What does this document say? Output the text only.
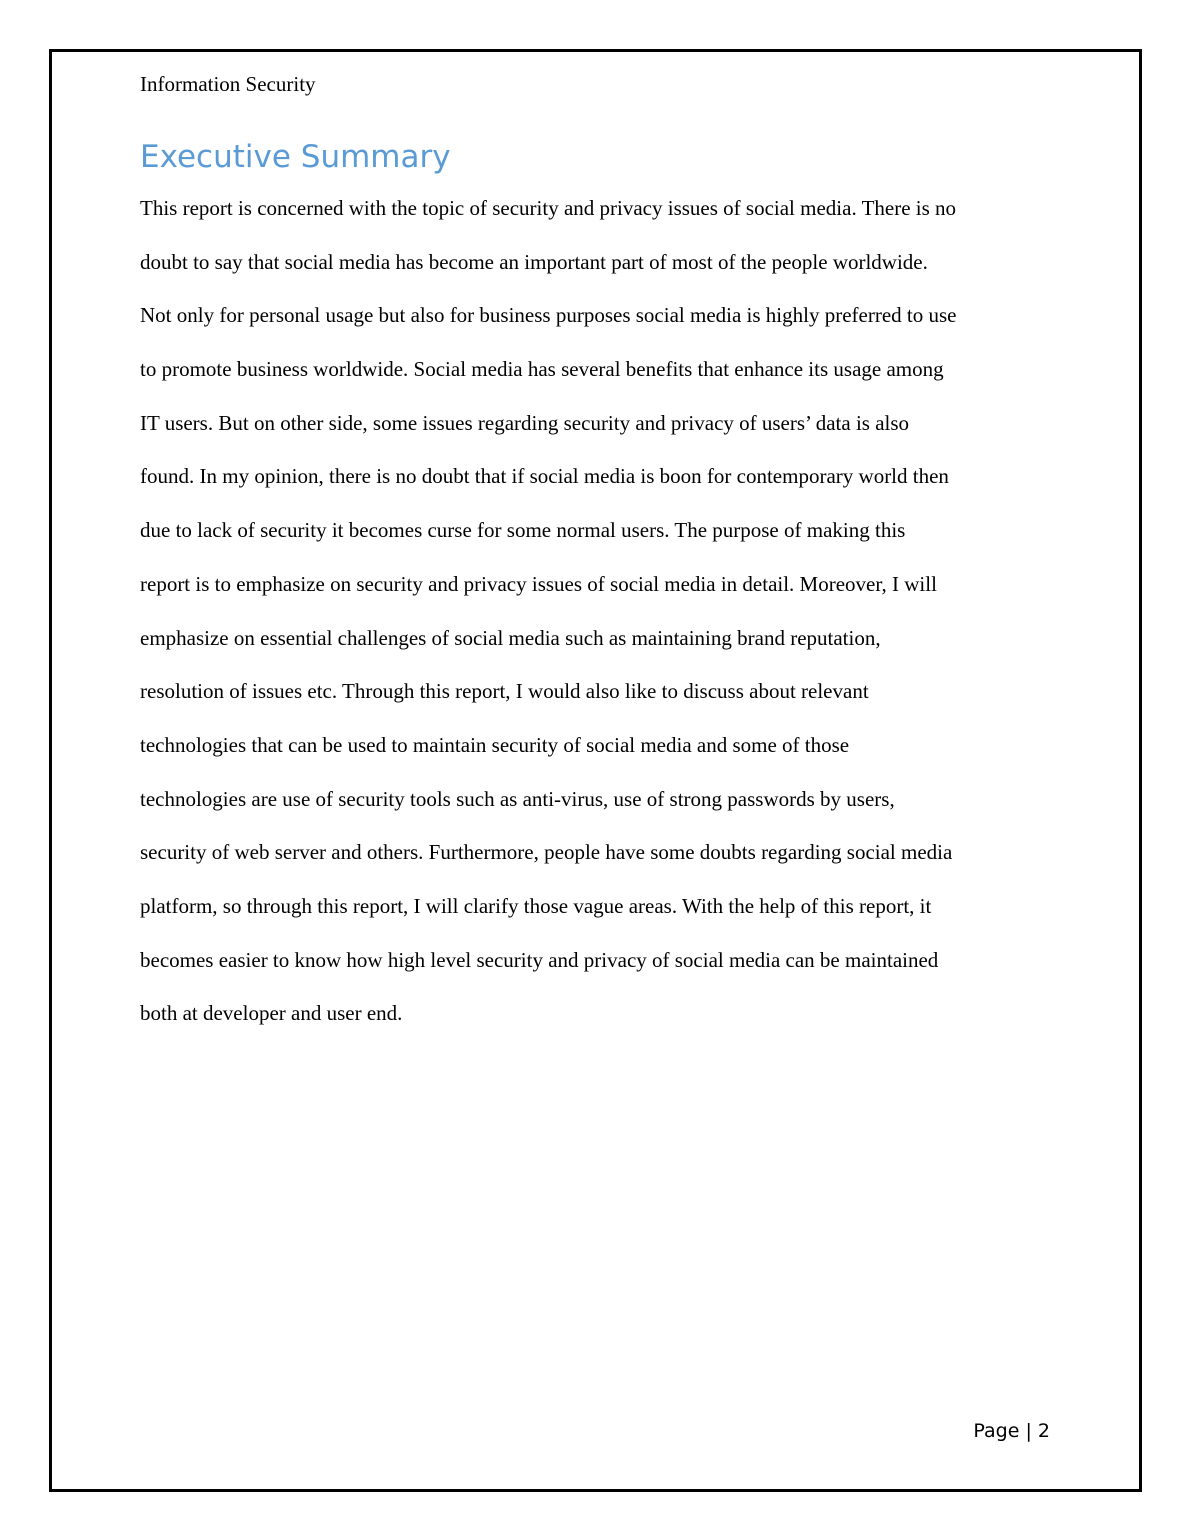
Information Security
Executive Summary
This report is concerned with the topic of security and privacy issues of social media. There is no
doubt to say that social media has become an important part of most of the people worldwide.
Not only for personal usage but also for business purposes social media is highly preferred to use
to promote business worldwide. Social media has several benefits that enhance its usage among
IT users. But on other side, some issues regarding security and privacy of users’ data is also
found. In my opinion, there is no doubt that if social media is boon for contemporary world then
due to lack of security it becomes curse for some normal users. The purpose of making this
report is to emphasize on security and privacy issues of social media in detail. Moreover, I will
emphasize on essential challenges of social media such as maintaining brand reputation,
resolution of issues etc. Through this report, I would also like to discuss about relevant
technologies that can be used to maintain security of social media and some of those
technologies are use of security tools such as anti-virus, use of strong passwords by users,
security of web server and others. Furthermore, people have some doubts regarding social media
platform, so through this report, I will clarify those vague areas. With the help of this report, it
becomes easier to know how high level security and privacy of social media can be maintained
both at developer and user end.
Page | 2
